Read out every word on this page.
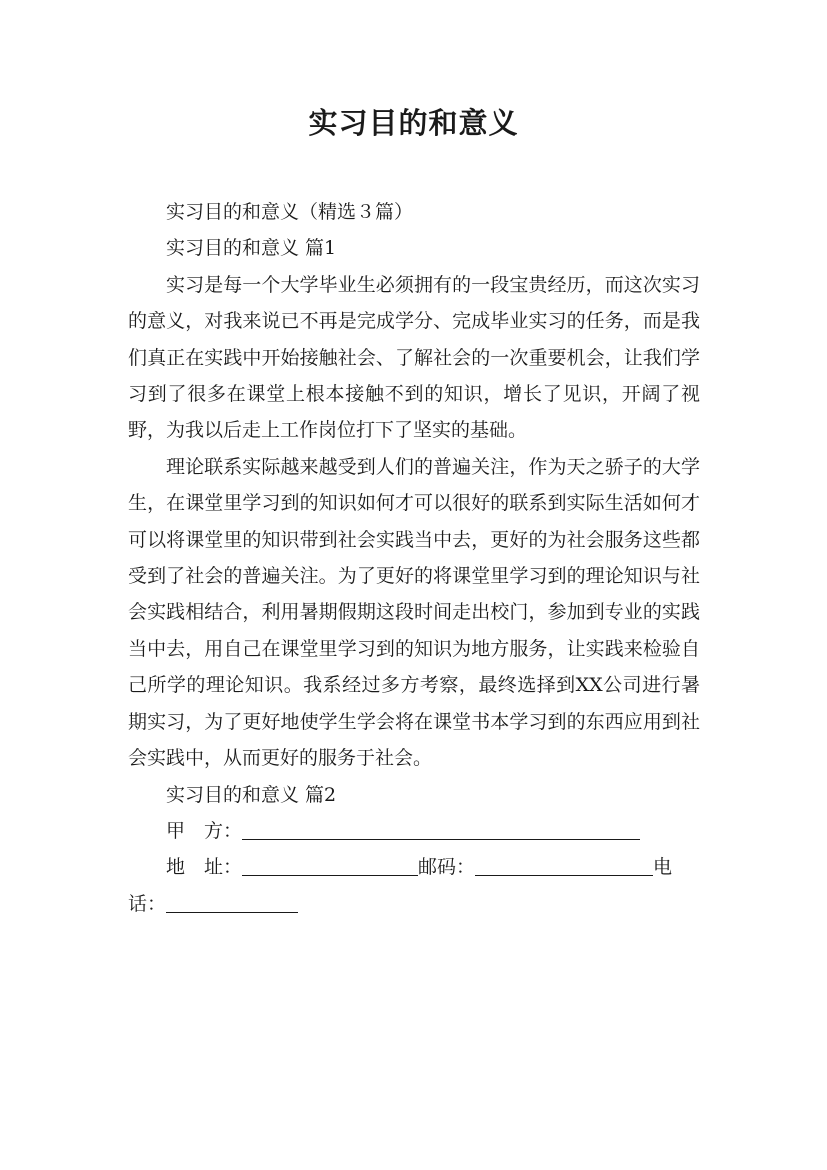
实习目的和意义

实习目的和意义（精选３篇）

实习目的和意义 篇1

实习是每一个大学毕业生必须拥有的一段宝贵经历，而这次实习的意义，对我来说已不再是完成学分、完成毕业实习的任务，而是我们真正在实践中开始接触社会、了解社会的一次重要机会，让我们学习到了很多在课堂上根本接触不到的知识，增长了见识，开阔了视野，为我以后走上工作岗位打下了坚实的基础。

理论联系实际越来越受到人们的普遍关注，作为天之骄子的大学生，在课堂里学习到的知识如何才可以很好的联系到实际生活如何才可以将课堂里的知识带到社会实践当中去，更好的为社会服务这些都受到了社会的普遍关注。为了更好的将课堂里学习到的理论知识与社会实践相结合，利用暑期假期这段时间走出校门，参加到专业的实践当中去，用自己在课堂里学习到的知识为地方服务，让实践来检验自己所学的理论知识。我系经过多方考察，最终选择到XX公司进行暑期实习，为了更好地使学生学会将在课堂书本学习到的东西应用到社会实践中，从而更好的服务于社会。

实习目的和意义 篇2

甲　方：
地　址：	邮码：	电
话：
